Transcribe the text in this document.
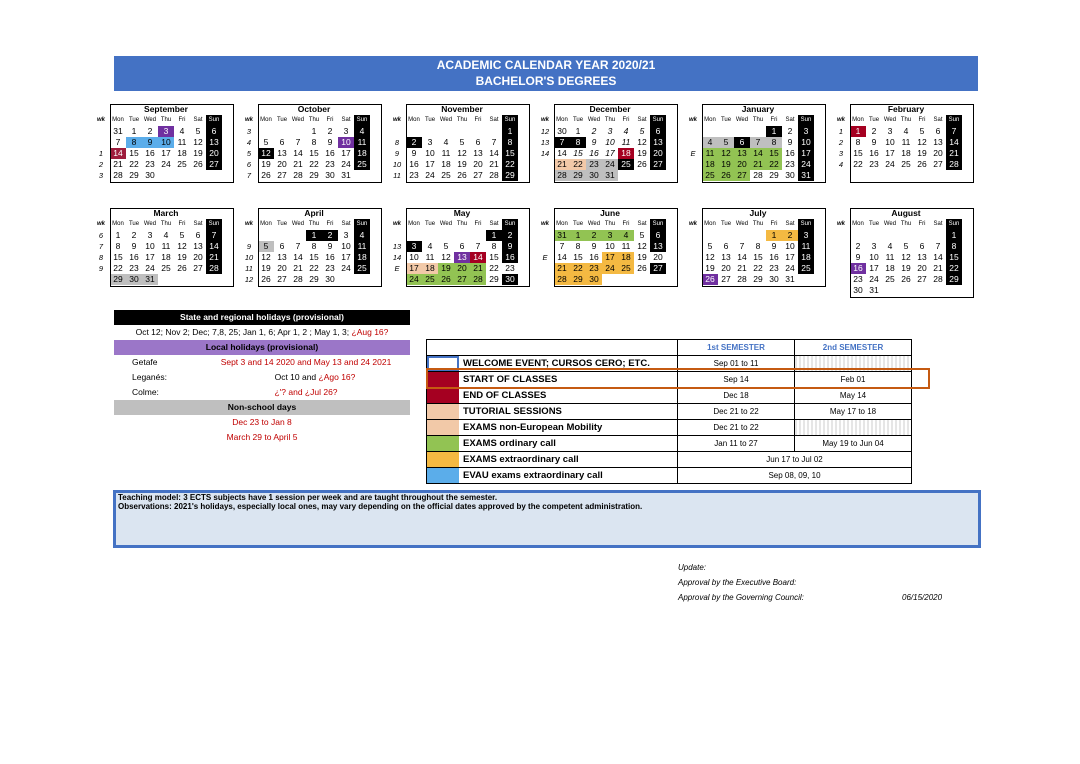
ACADEMIC CALENDAR YEAR 2020/21
BACHELOR'S DEGREES
	September						
wk	Mon	Tue	Wed	Thu	Fri	Sat	Sun
	31	1	2	3	4	5	6
	7	8	9	10	11	12	13
1	14	15	16	17	18	19	20
2	21	22	23	24	25	26	27
3	28	29	30				
	October						
wk	Mon	Tue	Wed	Thu	Fri	Sat	Sun
3				1	2	3	4
4	5	6	7	8	9	10	11
5	12	13	14	15	16	17	18
6	19	20	21	22	23	24	25
7	26	27	28	29	30	31	
	November						
wk	Mon	Tue	Wed	Thu	Fri	Sat	Sun
							1
8	2	3	4	5	6	7	8
9	9	10	11	12	13	14	15
10	16	17	18	19	20	21	22
11	23	24	25	26	27	28	29
	December						
wk	Mon	Tue	Wed	Thu	Fri	Sat	Sun
12	30	1	2	3	4	5	6
13	7	8	9	10	11	12	13
14	14	15	16	17	18	19	20
	21	22	23	24	25	26	27
	28	29	30	31			
	January						
wk	Mon	Tue	Wed	Thu	Fri	Sat	Sun
					1	2	3
	4	5	6	7	8	9	10
E	11	12	13	14	15	16	17
	18	19	20	21	22	23	24
	25	26	27	28	29	30	31
	February						
wk	Mon	Tue	Wed	Thu	Fri	Sat	Sun
1	1	2	3	4	5	6	7
2	8	9	10	11	12	13	14
3	15	16	17	18	19	20	21
4	22	23	24	25	26	27	28

	March						
wk	Mon	Tue	Wed	Thu	Fri	Sat	Sun
6	1	2	3	4	5	6	7
7	8	9	10	11	12	13	14
8	15	16	17	18	19	20	21
9	22	23	24	25	26	27	28
	29	30	31				
	April						
wk	Mon	Tue	Wed	Thu	Fri	Sat	Sun
				1	2	3	4
9	5	6	7	8	9	10	11
10	12	13	14	15	16	17	18
11	19	20	21	22	23	24	25
12	26	27	28	29	30		
	May						
wk	Mon	Tue	Wed	Thu	Fri	Sat	Sun
						1	2
13	3	4	5	6	7	8	9
14	10	11	12	13	14	15	16
E	17	18	19	20	21	22	23
	24	25	26	27	28	29	30
	June						
wk	Mon	Tue	Wed	Thu	Fri	Sat	Sun
	31	1	2	3	4	5	6
	7	8	9	10	11	12	13
E	14	15	16	17	18	19	20
	21	22	23	24	25	26	27
	28	29	30				
	July						
wk	Mon	Tue	Wed	Thu	Fri	Sat	Sun
					1	2	3
	5	6	7	8	9	10	11
	12	13	14	15	16	17	18
	19	20	21	22	23	24	25
	26	27	28	29	30	31	
	August						
wk	Mon	Tue	Wed	Thu	Fri	Sat	Sun
							1
	2	3	4	5	6	7	8
	9	10	11	12	13	14	15
	16	17	18	19	20	21	22
	23	24	25	26	27	28	29
	30	31					
State and regional holidays (provisional)
Oct 12; Nov 2; Dec; 7,8, 25; Jan 1, 6; Apr 1, 2 ; May 1, 3; ¿Aug 16?
Local holidays (provisional)
Getafe	Sept 3 and 14 2020 and May 13 and 24 2021
Leganés:	Oct 10 and ¿Ago 16?
Colme:	¿'? and ¿Jul 26?
Non-school days
Dec 23 to Jan 8
March 29 to April 5
1st SEMESTER	2nd SEMESTER
WELCOME EVENT; CURSOS CERO; ETC.	Sep 01 to 11
START OF CLASSES	Sep 14	Feb 01
END OF CLASSES	Dec 18	May 14
TUTORIAL SESSIONS	Dec 21 to 22	May 17 to 18
EXAMS non-European Mobility	Dec 21 to 22
EXAMS ordinary call	Jan 11 to 27	May 19 to Jun 04
EXAMS extraordinary call	Jun 17 to Jul 02
EVAU exams extraordinary call	Sep 08, 09, 10
Teaching model: 3 ECTS subjects have 1 session per week and are taught throughout the semester.
Observations: 2021's holidays, especially local ones, may vary depending on the official dates approved by the competent administration.
Update:
Approval by the Executive Board:
Approval by the Governing Council:	06/15/2020
